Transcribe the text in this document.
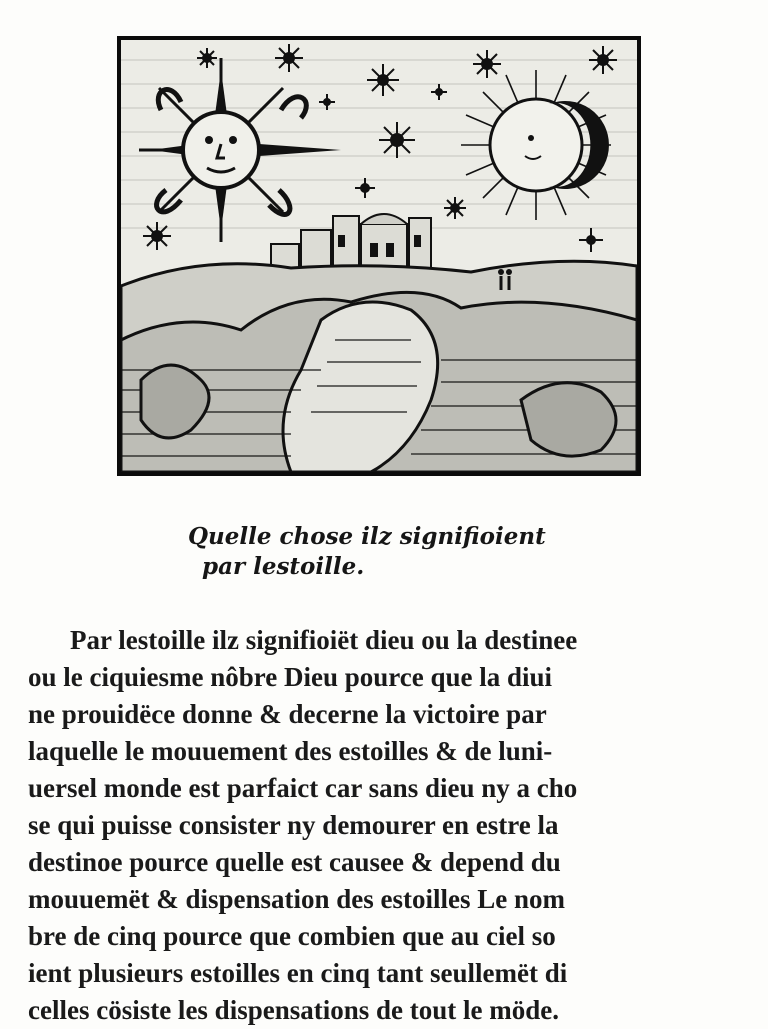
Quelle chose ilz signifioient
par lestoille.
Par lestoille ilz signifioiët dieu ou la destinee
ou le ciquiesme nôbre Dieu pource que la diui
ne prouidëce donne & decerne la victoire par
laquelle le mouuement des estoilles & de luni-
uersel monde est parfaict car sans dieu ny a cho
se qui puisse consister ny demourer en estre la
destinoe pource quelle est causee & depend du
mouuemët & dispensation des estoilles Le nom
bre de cinq pource que combien que au ciel so
ient plusieurs estoilles en cinq tant seullemët di
celles cösiste les dispensations de tout le möde.
